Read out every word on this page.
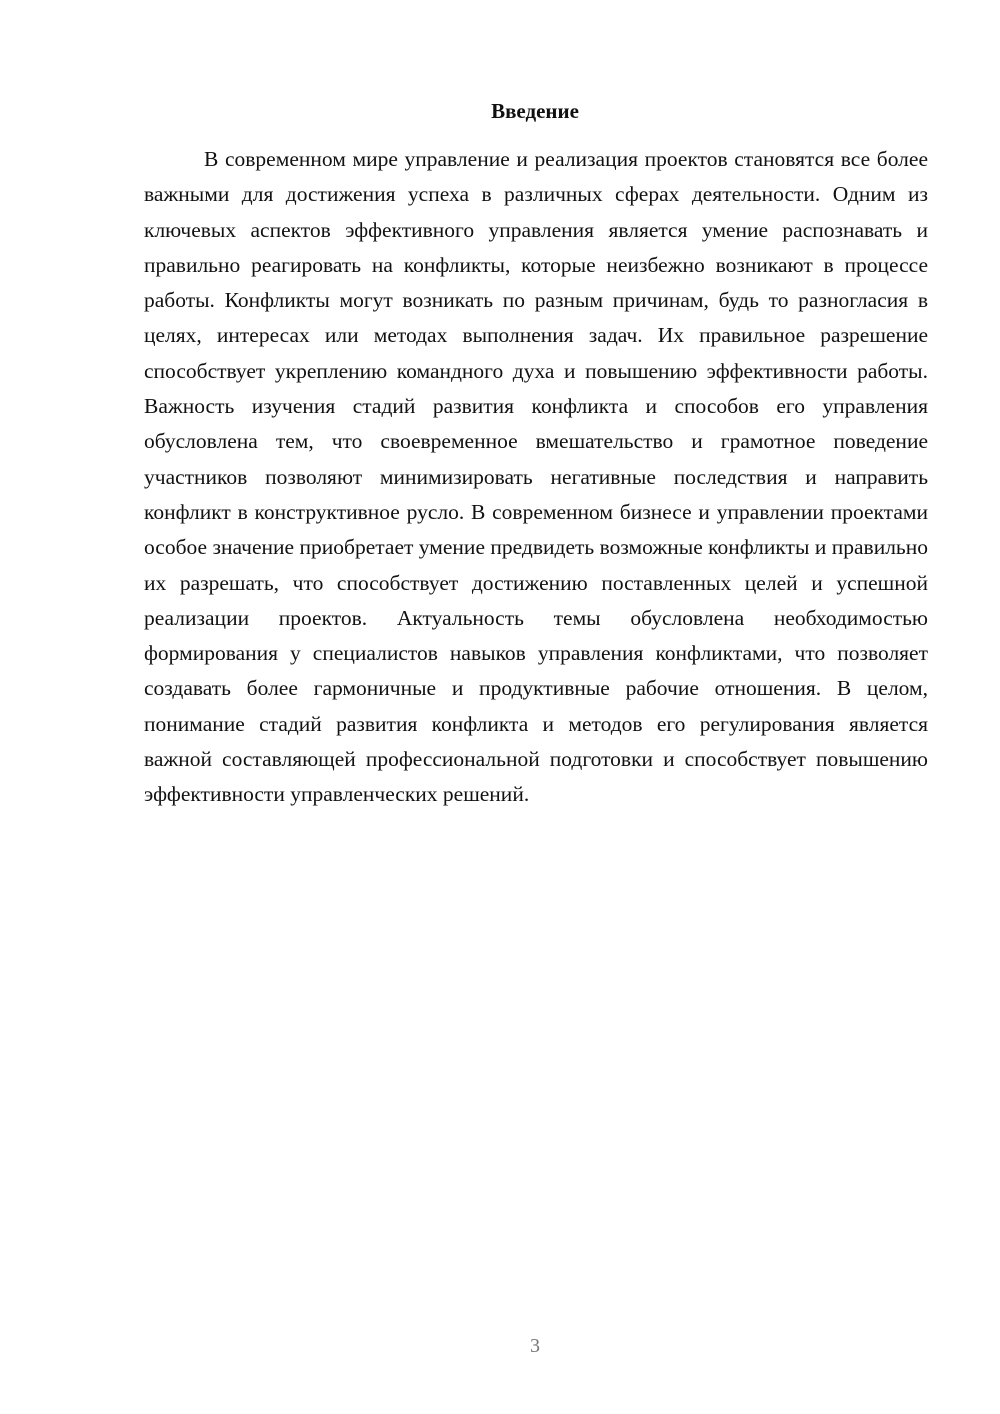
Введение

В современном мире управление и реализация проектов становятся все более важными для достижения успеха в различных сферах деятельности. Одним из ключевых аспектов эффективного управления является умение распознавать и правильно реагировать на конфликты, которые неизбежно возникают в процессе работы. Конфликты могут возникать по разным причинам, будь то разногласия в целях, интересах или методах выполнения задач. Их правильное разрешение способствует укреплению командного духа и повышению эффективности работы. Важность изучения стадий развития конфликта и способов его управления обусловлена тем, что своевременное вмешательство и грамотное поведение участников позволяют минимизировать негативные последствия и направить конфликт в конструктивное русло. В современном бизнесе и управлении проектами особое значение приобретает умение предвидеть возможные конфликты и правильно их разрешать, что способствует достижению поставленных целей и успешной реализации проектов. Актуальность темы обусловлена необходимостью формирования у специалистов навыков управления конфликтами, что позволяет создавать более гармоничные и продуктивные рабочие отношения. В целом, понимание стадий развития конфликта и методов его регулирования является важной составляющей профессиональной подготовки и способствует повышению эффективности управленческих решений.

3
